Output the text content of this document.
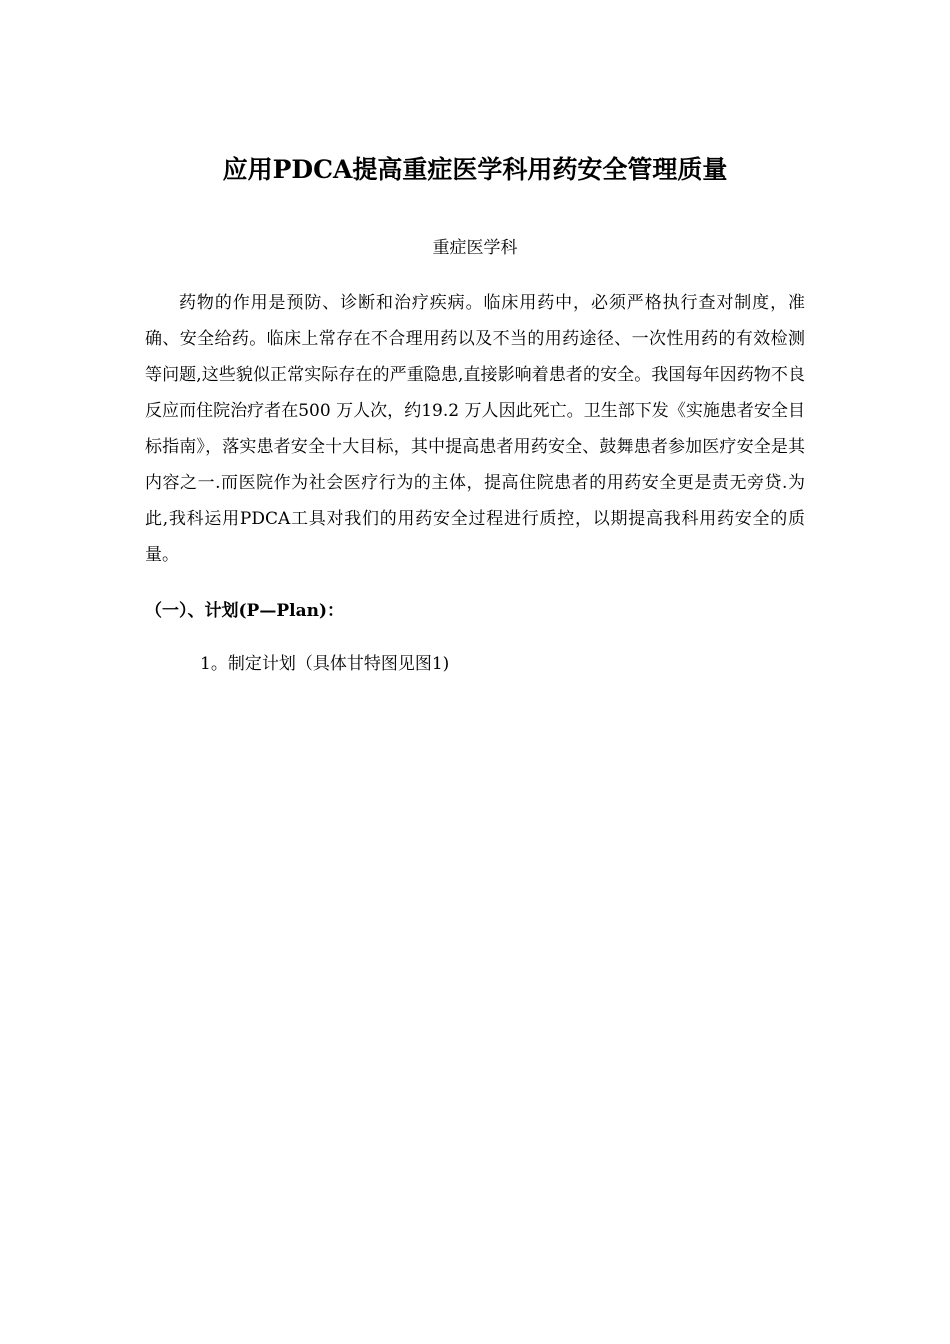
应用PDCA提高重症医学科用药安全管理质量
重症医学科

药物的作用是预防、诊断和治疗疾病。临床用药中，必须严格执行查对制度，准确、安全给药。临床上常存在不合理用药以及不当的用药途径、一次性用药的有效检测等问题,这些貌似正常实际存在的严重隐患,直接影响着患者的安全。我国每年因药物不良反应而住院治疗者在500 万人次，约19.2 万人因此死亡。卫生部下发《实施患者安全目标指南》，落实患者安全十大目标，其中提高患者用药安全、鼓舞患者参加医疗安全是其内容之一.而医院作为社会医疗行为的主体，提高住院患者的用药安全更是责无旁贷.为此,我科运用PDCA工具对我们的用药安全过程进行质控，以期提高我科用药安全的质量。

（一）、计划(P—Plan)：
1。制定计划（具体甘特图见图1)
